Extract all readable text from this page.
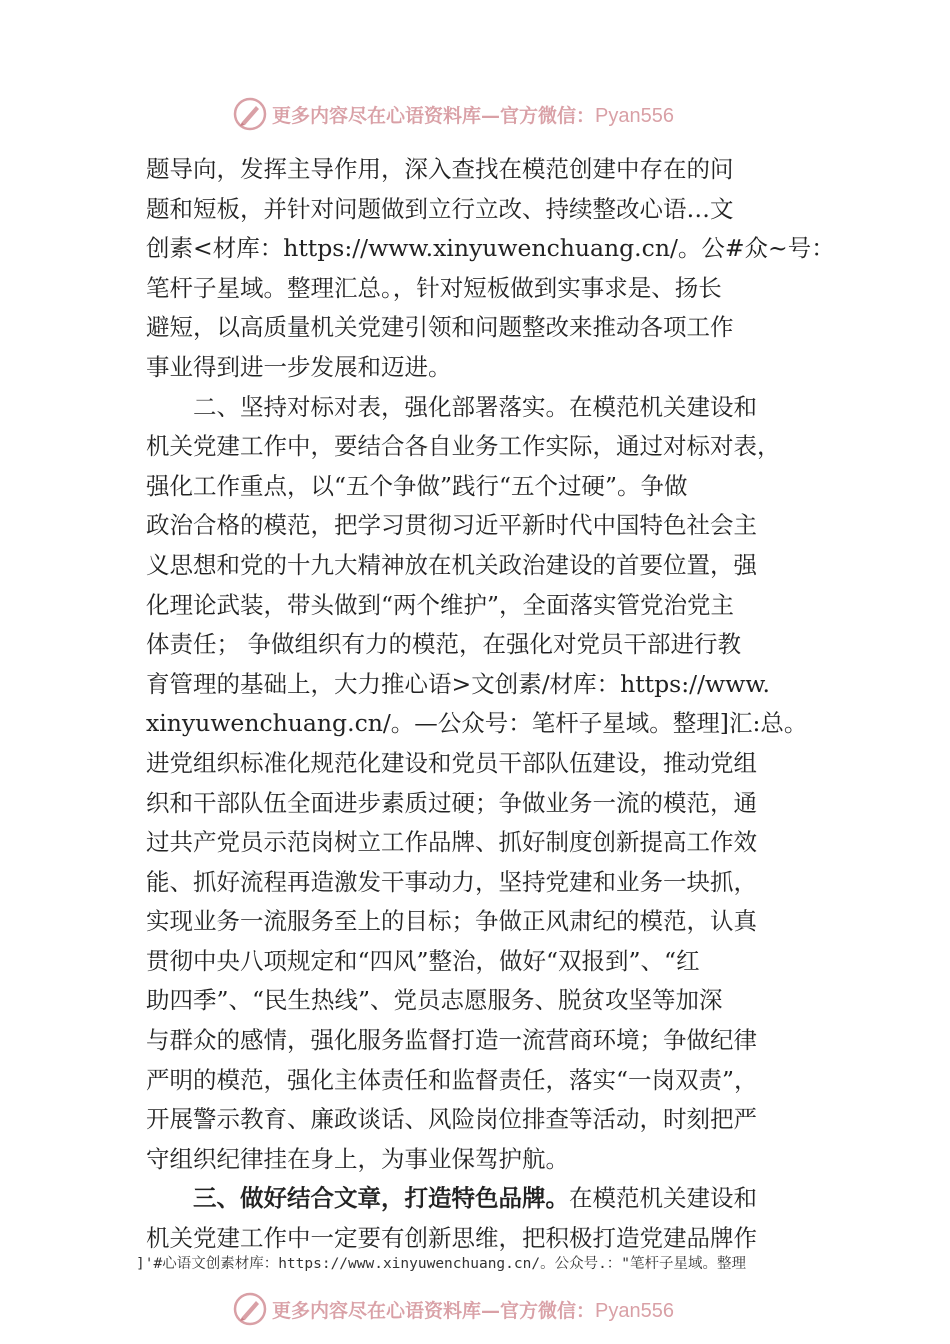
更多内容尽在心语资料库—官方微信：Pyan556
题导向，发挥主导作用，深入查找在模范创建中存在的问
题和短板，并针对问题做到立行立改、持续整改心语…文
创素<材库：https://www.xinyuwenchuang.cn/。公#众~号：
笔杆子星域。整理汇总。，针对短板做到实事求是、扬长
避短，以高质量机关党建引领和问题整改来推动各项工作
事业得到进一步发展和迈进。
　　二、坚持对标对表，强化部署落实。在模范机关建设和
机关党建工作中，要结合各自业务工作实际，通过对标对表，
强化工作重点，以“五个争做”践行“五个过硬”。争做
政治合格的模范，把学习贯彻习近平新时代中国特色社会主
义思想和党的十九大精神放在机关政治建设的首要位置，强
化理论武装，带头做到“两个维护”，全面落实管党治党主
体责任； 争做组织有力的模范，在强化对党员干部进行教
育管理的基础上，大力推心语>文创素/材库：https://www.
xinyuwenchuang.cn/。—公众号：笔杆子星域。整理]汇:总。
进党组织标准化规范化建设和党员干部队伍建设，推动党组
织和干部队伍全面进步素质过硬；争做业务一流的模范，通
过共产党员示范岗树立工作品牌、抓好制度创新提高工作效
能、抓好流程再造激发干事动力，坚持党建和业务一块抓，
实现业务一流服务至上的目标；争做正风肃纪的模范，认真
贯彻中央八项规定和“四风”整治，做好“双报到”、“红
助四季”、“民生热线”、党员志愿服务、脱贫攻坚等加深
与群众的感情，强化服务监督打造一流营商环境；争做纪律
严明的模范，强化主体责任和监督责任，落实“一岗双责”，
开展警示教育、廉政谈话、风险岗位排查等活动，时刻把严
守组织纪律挂在身上，为事业保驾护航。
　　三、做好结合文章，打造特色品牌。在模范机关建设和
机关党建工作中一定要有创新思维，把积极打造党建品牌作
]'#心语文创素材库：https://www.xinyuwenchuang.cn/。公众号.："笔杆子星域。整理
更多内容尽在心语资料库—官方微信：Pyan556
